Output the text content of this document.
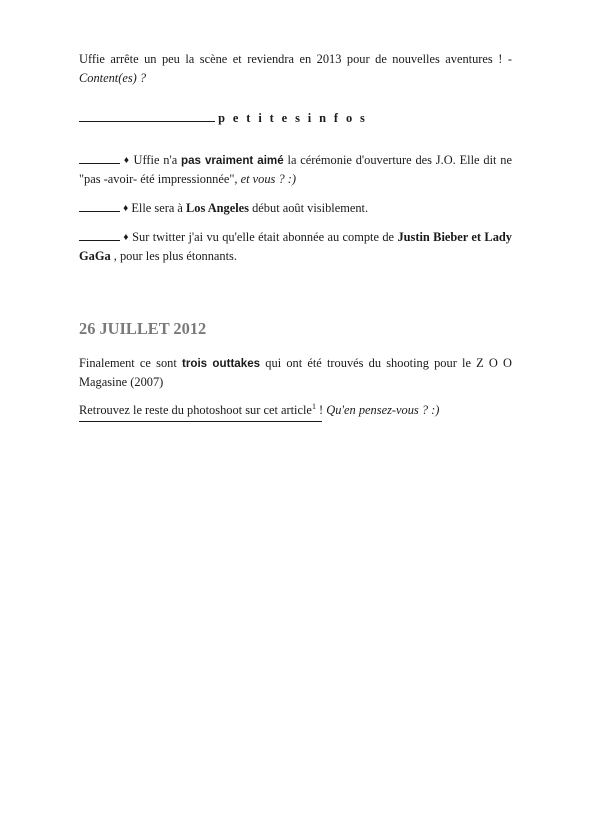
Uffie arrête un peu la scène et reviendra en 2013 pour de nouvelles aventures ! - Content(es) ?

p e t i t e s i n f o s

♦ Uffie n'a pas vraiment aimé la cérémonie d'ouverture des J.O. Elle dit ne "pas -avoir- été impressionnée", et vous ? :)

♦ Elle sera à Los Angeles début août visiblement.

♦ Sur twitter j'ai vu qu'elle était abonnée au compte de Justin Bieber et Lady GaGa , pour les plus étonnants.

26 JUILLET 2012

Finalement ce sont trois outtakes qui ont été trouvés du shooting pour le Z O O Magasine (2007)

Retrouvez le reste du photoshoot sur cet article$^1$ ! Qu'en pensez-vous ? :)
